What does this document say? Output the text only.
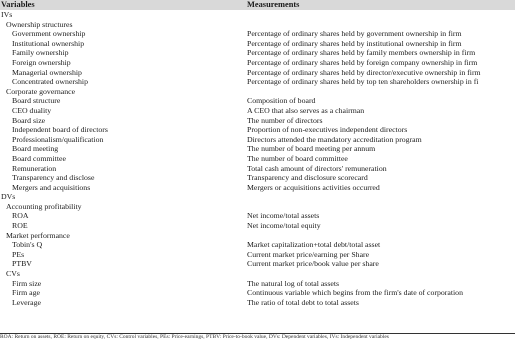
Variables	Measurements
IVs
Ownership structures
Government ownership	Percentage of ordinary shares held by government ownership in firm
Institutional ownership	Percentage of ordinary shares held by institutional ownership in firm
Family ownership	Percentage of ordinary shares held by family members ownership in firm
Foreign ownership	Percentage of ordinary shares held by foreign company ownership in firm
Managerial ownership	Percentage of ordinary shares held by director/executive ownership in firm
Concentrated ownership	Percentage of ordinary shares held by top ten shareholders ownership in fi
Corporate governance
Board structure	Composition of board
CEO duality	A CEO that also serves as a chairman
Board size	The number of directors
Independent board of directors	Proportion of non-executives independent directors
Professionalism/qualification	Directors attended the mandatory accreditation program
Board meeting	The number of board meeting per annum
Board committee	The number of board committee
Remuneration	Total cash amount of directors' remuneration
Transparency and disclose	Transparency and disclosure scorecard
Mergers and acquisitions	Mergers or acquisitions activities occurred
DVs
Accounting profitability
ROA	Net income/total assets
ROE	Net income/total equity
Market performance
Tobin's Q	Market capitalization+total debt/total asset
PEs	Current market price/earning per Share
PTBV	Current market price/book value per share
CVs
Firm size	The natural log of total assets
Firm age	Continuous variable which begins from the firm's date of corporation
Leverage	The ratio of total debt to total assets
ROA: Return on assets, ROE: Return on equity, CVs: Control variables, PEs: Price-earnings, PTBV: Price-to-book value, DVs: Dependent variables, IVs: Independent variables
